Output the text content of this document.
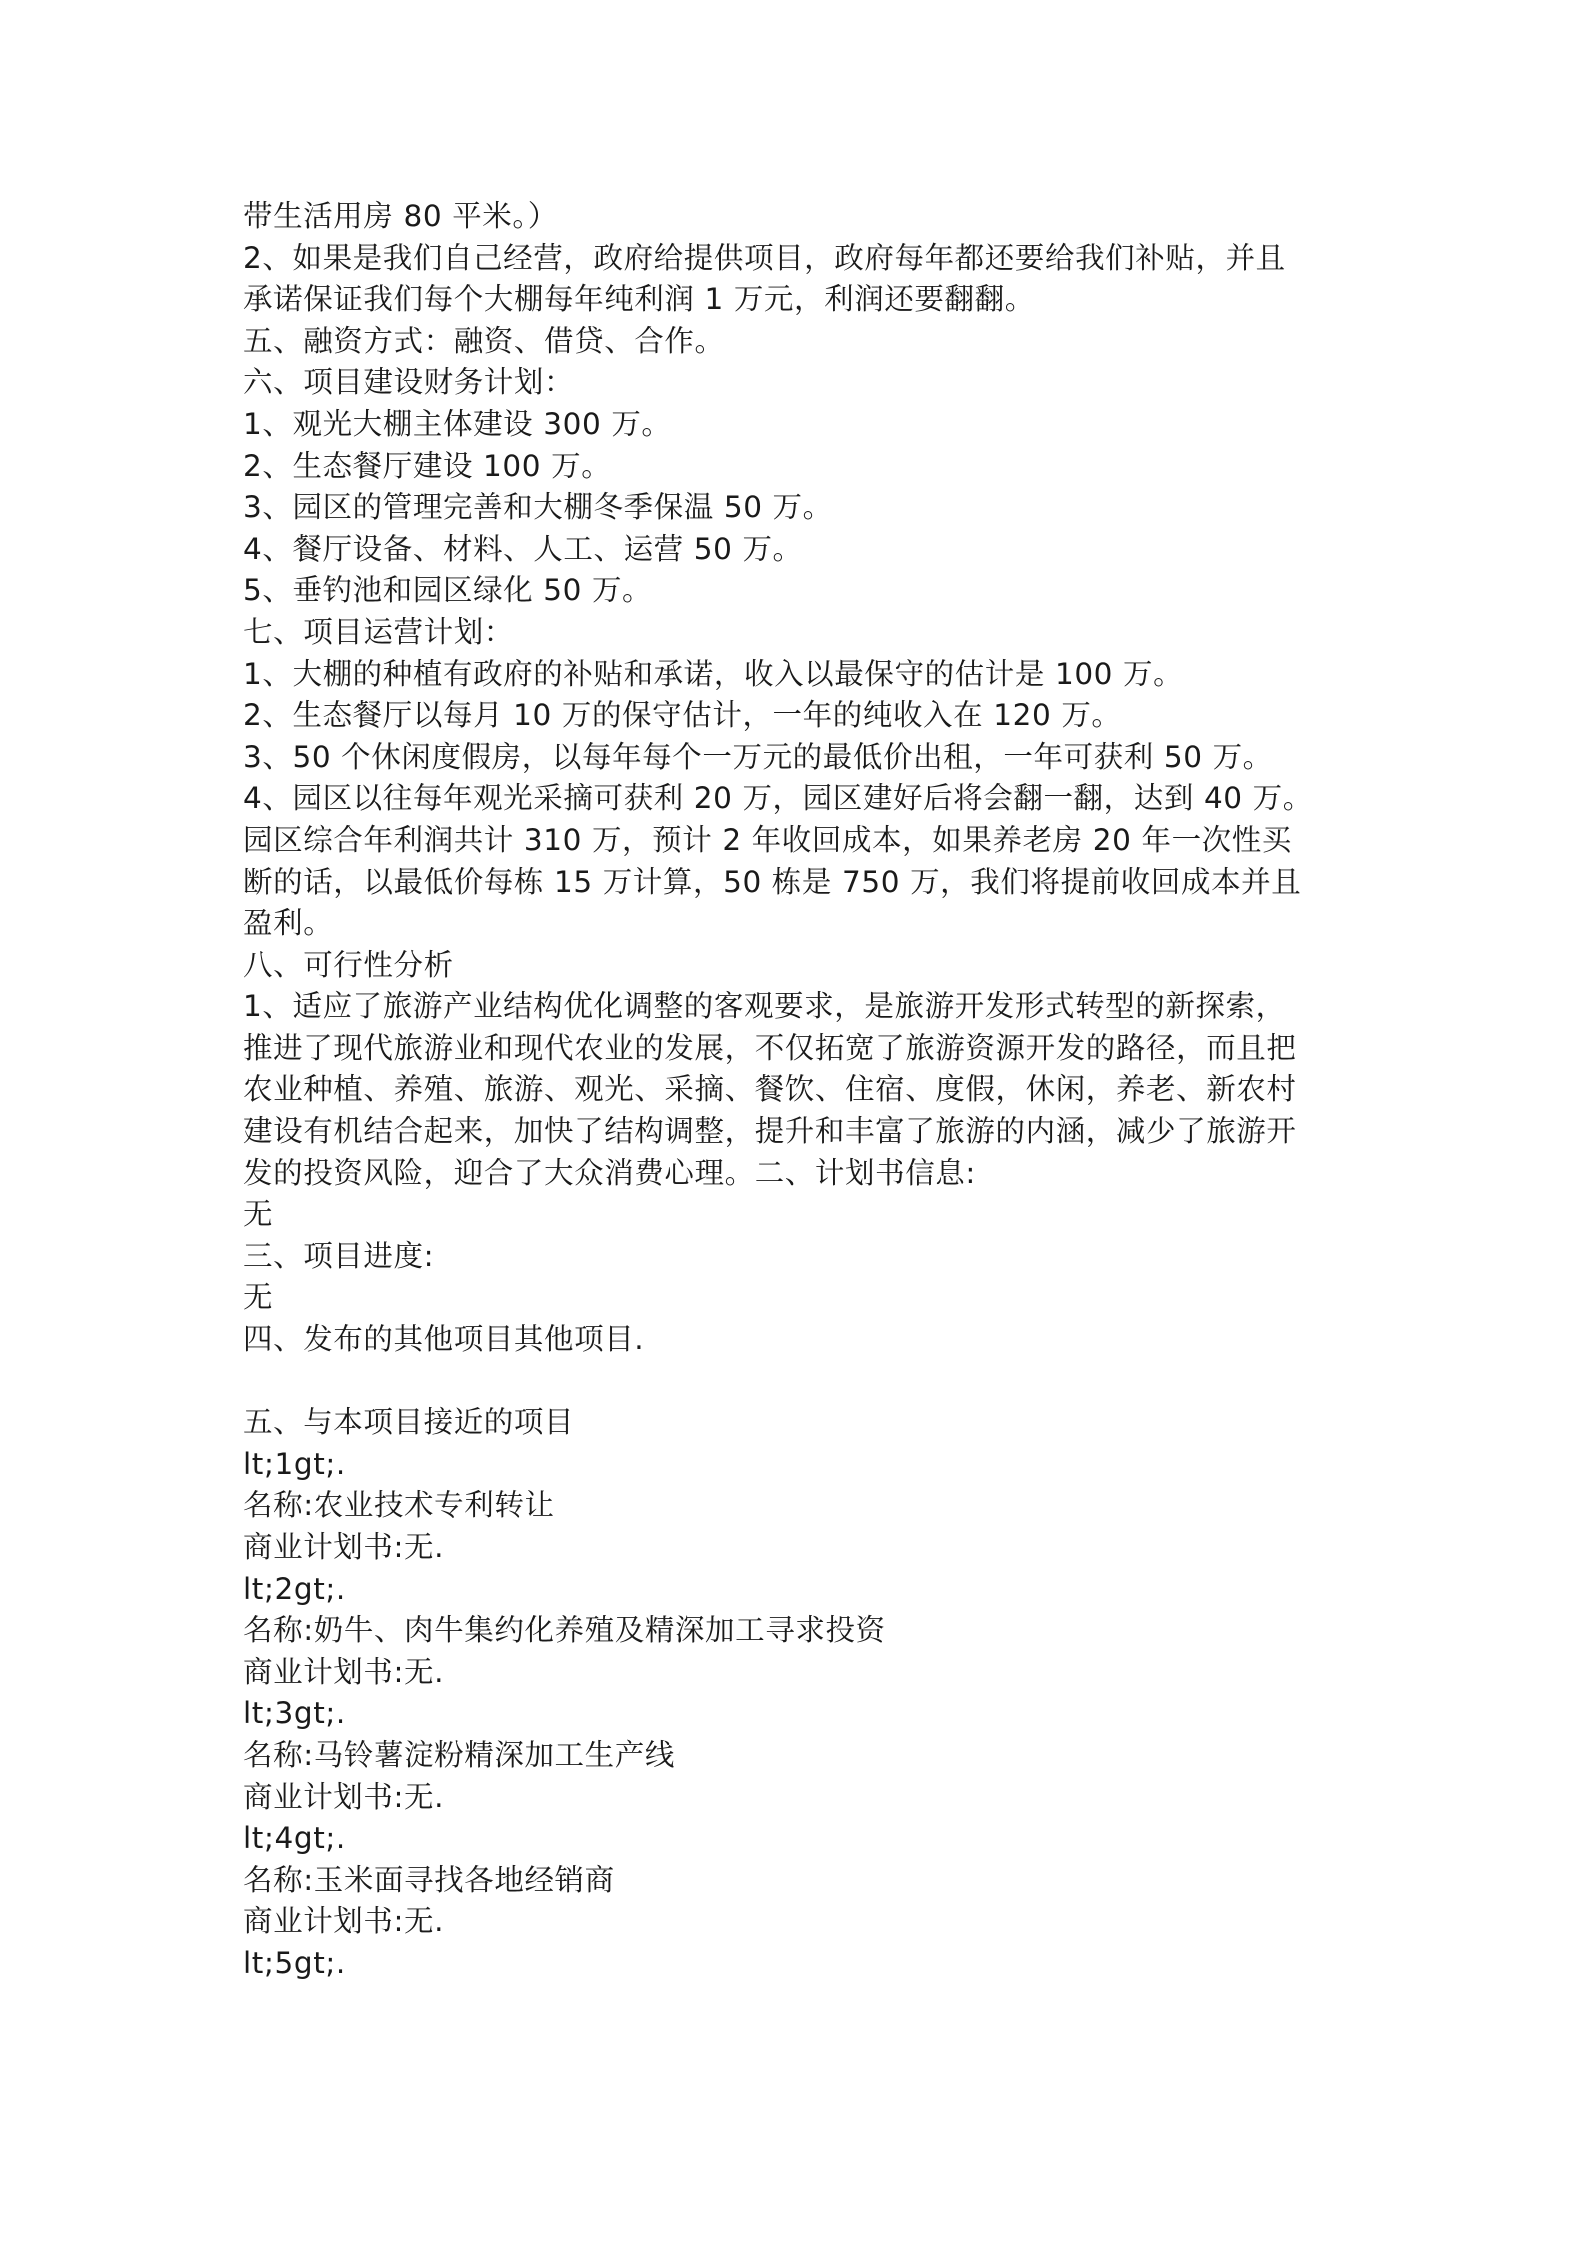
带生活用房 80 平米。）
2、如果是我们自己经营，政府给提供项目，政府每年都还要给我们补贴，并且
承诺保证我们每个大棚每年纯利润 1 万元，利润还要翻翻。
五、融资方式：融资、借贷、合作。
六、项目建设财务计划：
1、观光大棚主体建设 300 万。
2、生态餐厅建设 100 万。
3、园区的管理完善和大棚冬季保温 50 万。
4、餐厅设备、材料、人工、运营 50 万。
5、垂钓池和园区绿化 50 万。
七、项目运营计划：
1、大棚的种植有政府的补贴和承诺，收入以最保守的估计是 100 万。
2、生态餐厅以每月 10 万的保守估计，一年的纯收入在 120 万。
3、50 个休闲度假房，以每年每个一万元的最低价出租，一年可获利 50 万。
4、园区以往每年观光采摘可获利 20 万，园区建好后将会翻一翻，达到 40 万。
园区综合年利润共计 310 万，预计 2 年收回成本，如果养老房 20 年一次性买
断的话，以最低价每栋 15 万计算，50 栋是 750 万，我们将提前收回成本并且
盈利。
八、可行性分析
1、适应了旅游产业结构优化调整的客观要求，是旅游开发形式转型的新探索，
推进了现代旅游业和现代农业的发展，不仅拓宽了旅游资源开发的路径，而且把
农业种植、养殖、旅游、观光、采摘、餐饮、住宿、度假，休闲，养老、新农村
建设有机结合起来，加快了结构调整，提升和丰富了旅游的内涵，减少了旅游开
发的投资风险，迎合了大众消费心理。二、计划书信息:
无
三、项目进度:
无
四、发布的其他项目其他项目.
五、与本项目接近的项目
lt;1gt;.
名称:农业技术专利转让
商业计划书:无.
lt;2gt;.
名称:奶牛、肉牛集约化养殖及精深加工寻求投资
商业计划书:无.
lt;3gt;.
名称:马铃薯淀粉精深加工生产线
商业计划书:无.
lt;4gt;.
名称:玉米面寻找各地经销商
商业计划书:无.
lt;5gt;.
